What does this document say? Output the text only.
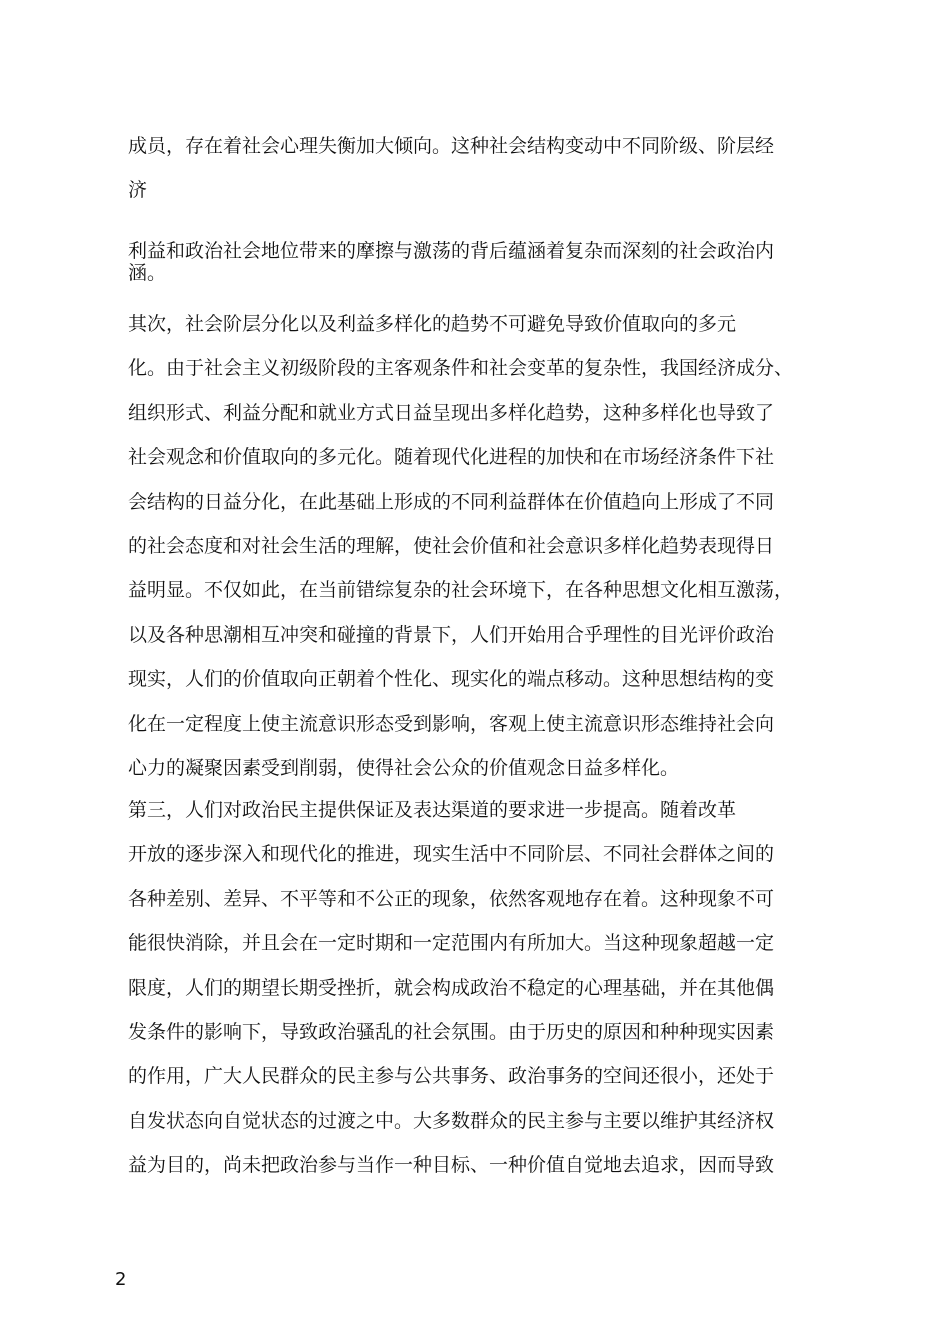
成员，存在着社会心理失衡加大倾向。这种社会结构变动中不同阶级、阶层经
济

利益和政治社会地位带来的摩擦与激荡的背后蕴涵着复杂而深刻的社会政治内
涵。

其次，社会阶层分化以及利益多样化的趋势不可避免导致价值取向的多元
化。由于社会主义初级阶段的主客观条件和社会变革的复杂性，我国经济成分、
组织形式、利益分配和就业方式日益呈现出多样化趋势，这种多样化也导致了
社会观念和价值取向的多元化。随着现代化进程的加快和在市场经济条件下社
会结构的日益分化，在此基础上形成的不同利益群体在价值趋向上形成了不同
的社会态度和对社会生活的理解，使社会价值和社会意识多样化趋势表现得日
益明显。不仅如此，在当前错综复杂的社会环境下，在各种思想文化相互激荡，
以及各种思潮相互冲突和碰撞的背景下，人们开始用合乎理性的目光评价政治
现实，人们的价值取向正朝着个性化、现实化的端点移动。这种思想结构的变
化在一定程度上使主流意识形态受到影响，客观上使主流意识形态维持社会向
心力的凝聚因素受到削弱，使得社会公众的价值观念日益多样化。

第三，人们对政治民主提供保证及表达渠道的要求进一步提高。随着改革
开放的逐步深入和现代化的推进，现实生活中不同阶层、不同社会群体之间的
各种差别、差异、不平等和不公正的现象，依然客观地存在着。这种现象不可
能很快消除，并且会在一定时期和一定范围内有所加大。当这种现象超越一定
限度，人们的期望长期受挫折，就会构成政治不稳定的心理基础，并在其他偶
发条件的影响下，导致政治骚乱的社会氛围。由于历史的原因和种种现实因素
的作用，广大人民群众的民主参与公共事务、政治事务的空间还很小，还处于
自发状态向自觉状态的过渡之中。大多数群众的民主参与主要以维护其经济权
益为目的，尚未把政治参与当作一种目标、一种价值自觉地去追求，因而导致

2
